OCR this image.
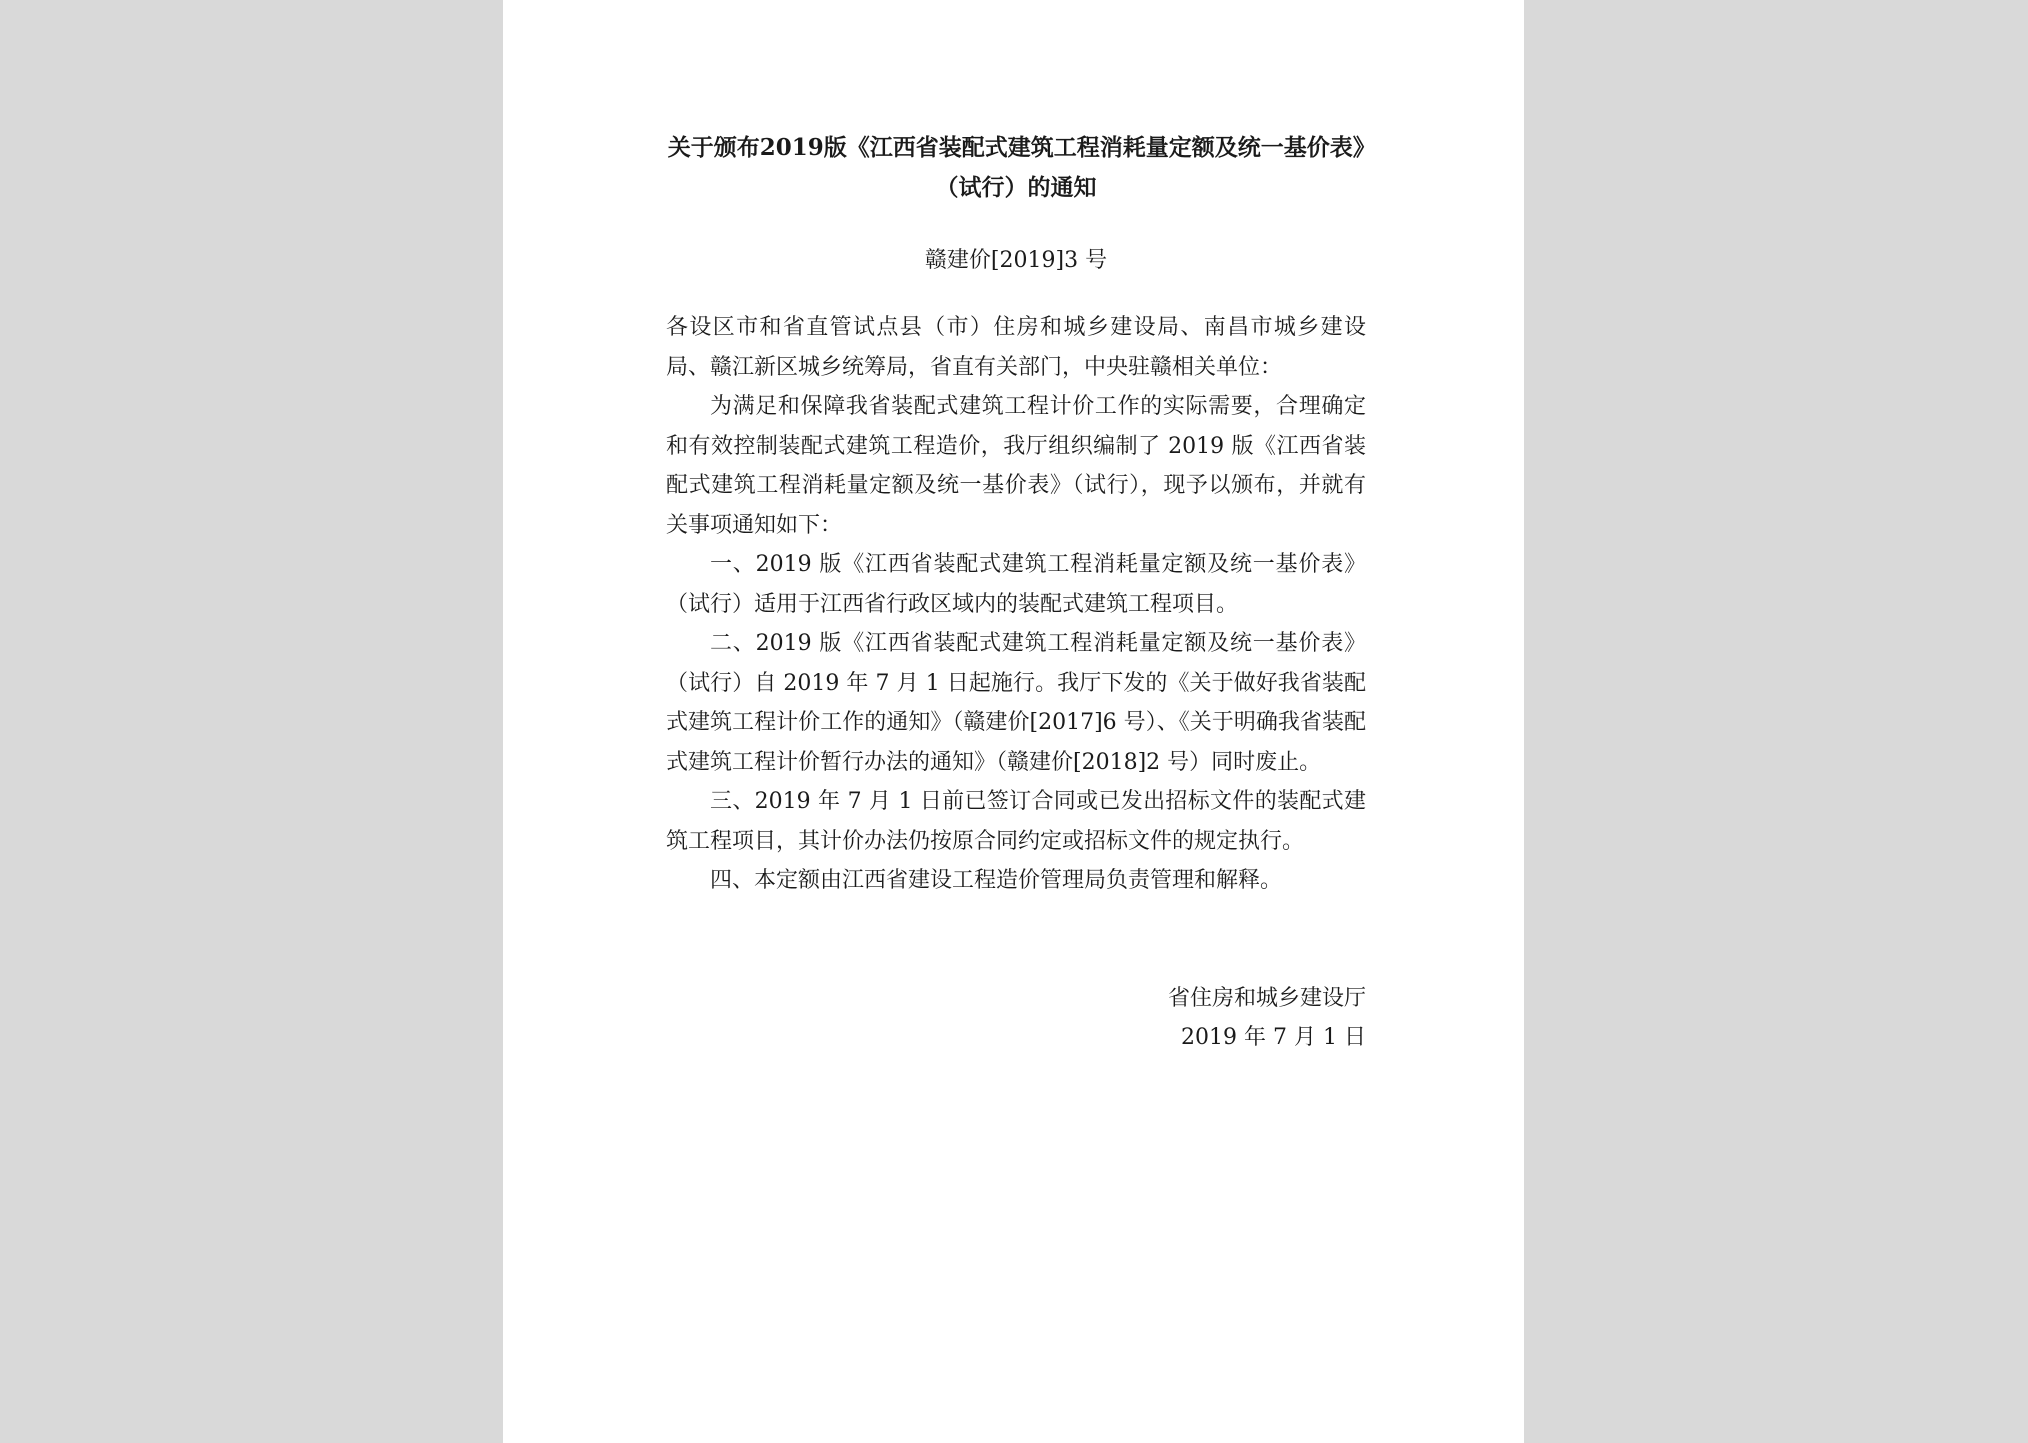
关于颁布2019版《江西省装配式建筑工程消耗量定额及统一基价表》（试行）的通知
赣建价[2019]3 号

各设区市和省直管试点县（市）住房和城乡建设局、南昌市城乡建设局、赣江新区城乡统筹局，省直有关部门，中央驻赣相关单位：

为满足和保障我省装配式建筑工程计价工作的实际需要，合理确定和有效控制装配式建筑工程造价，我厅组织编制了 2019 版《江西省装配式建筑工程消耗量定额及统一基价表》（试行），现予以颁布，并就有关事项通知如下：

一、2019 版《江西省装配式建筑工程消耗量定额及统一基价表》（试行）适用于江西省行政区域内的装配式建筑工程项目。

二、2019 版《江西省装配式建筑工程消耗量定额及统一基价表》（试行）自 2019 年 7 月 1 日起施行。我厅下发的《关于做好我省装配式建筑工程计价工作的通知》（赣建价[2017]6 号）、《关于明确我省装配式建筑工程计价暂行办法的通知》（赣建价[2018]2 号）同时废止。

三、2019 年 7 月 1 日前已签订合同或已发出招标文件的装配式建筑工程项目，其计价办法仍按原合同约定或招标文件的规定执行。

四、本定额由江西省建设工程造价管理局负责管理和解释。

省住房和城乡建设厅
2019 年 7 月 1 日
